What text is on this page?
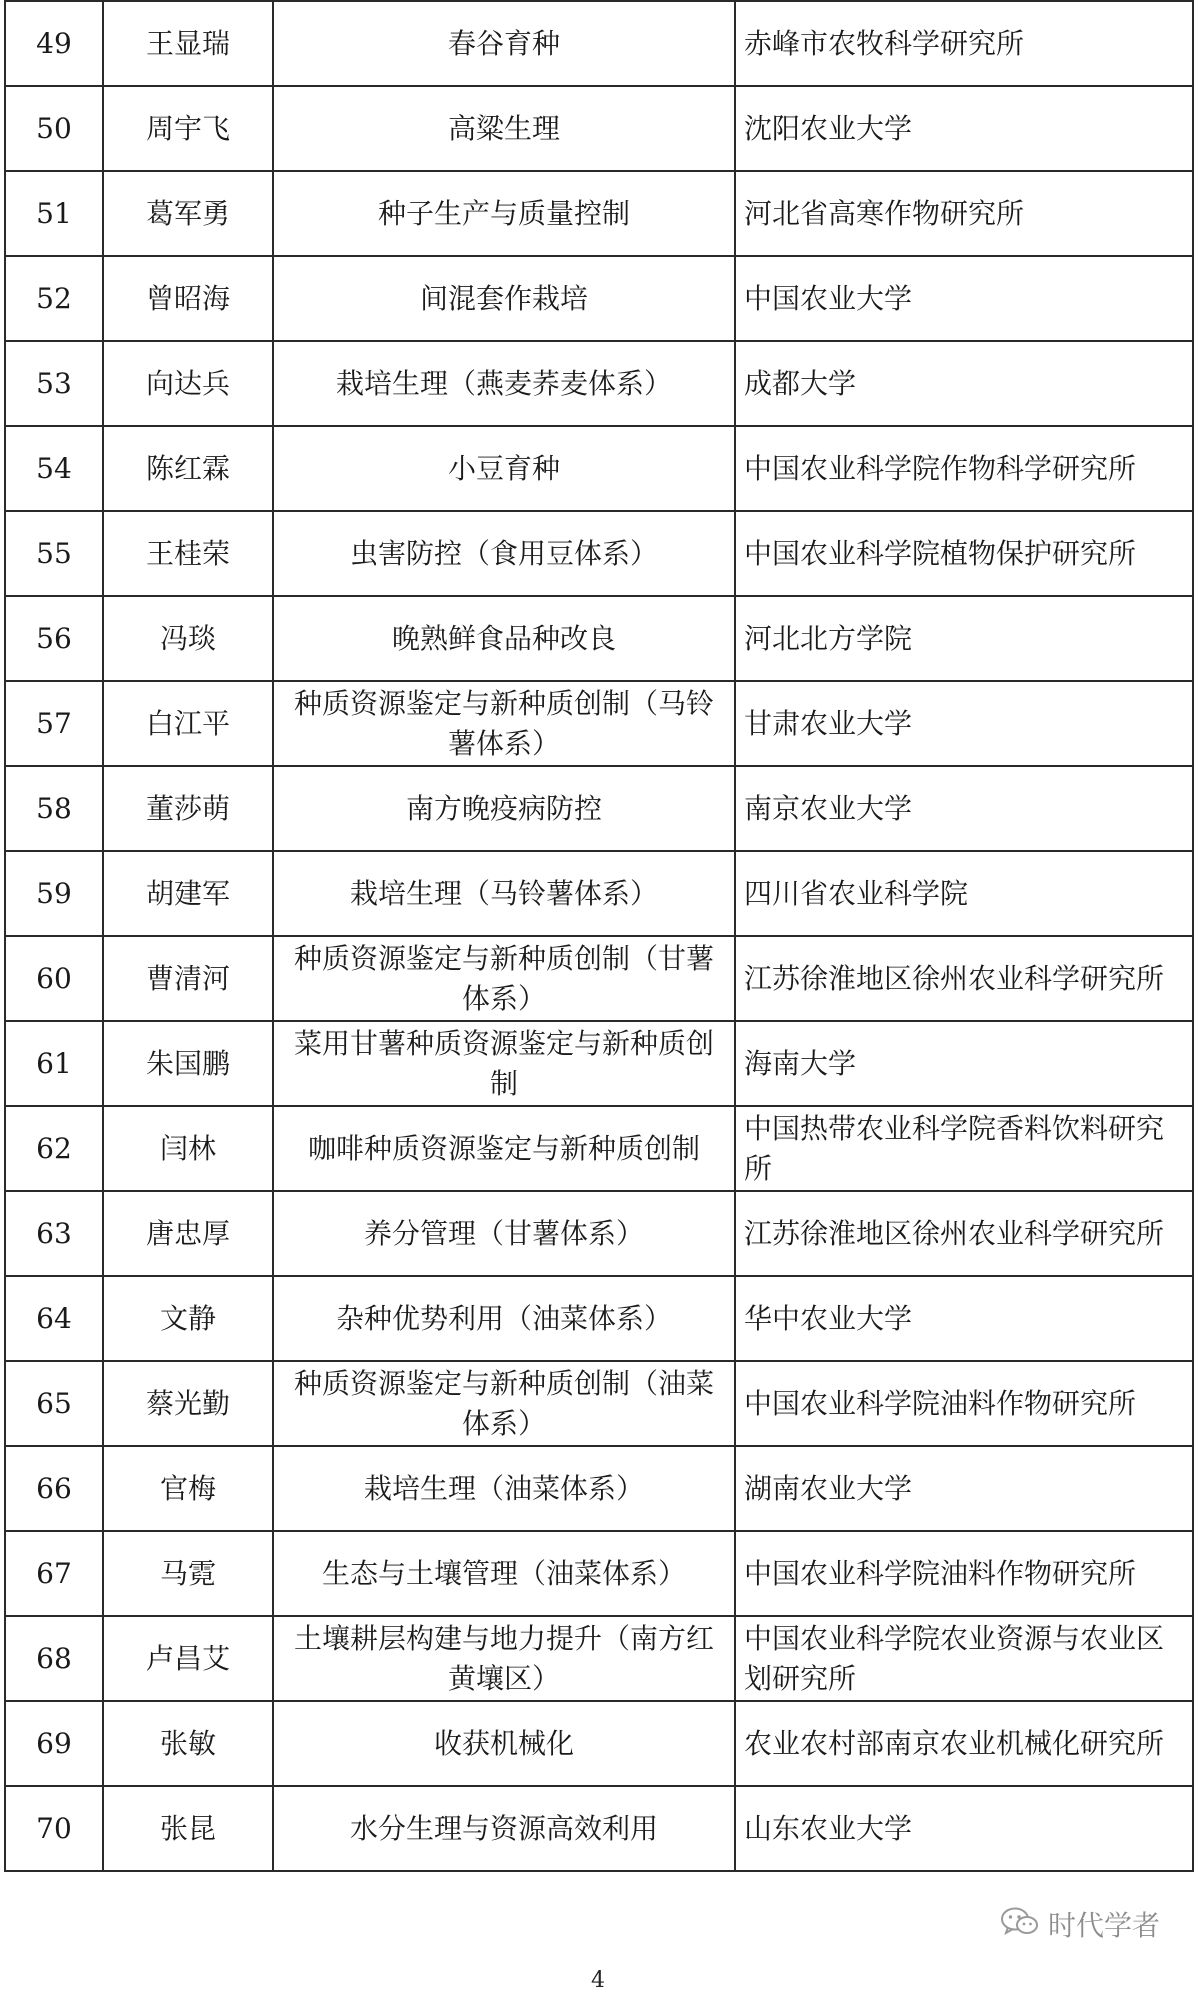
49	王显瑞	春谷育种	赤峰市农牧科学研究所
50	周宇飞	高粱生理	沈阳农业大学
51	葛军勇	种子生产与质量控制	河北省高寒作物研究所
52	曾昭海	间混套作栽培	中国农业大学
53	向达兵	栽培生理（燕麦荞麦体系）	成都大学
54	陈红霖	小豆育种	中国农业科学院作物科学研究所
55	王桂荣	虫害防控（食用豆体系）	中国农业科学院植物保护研究所
56	冯琰	晚熟鲜食品种改良	河北北方学院
57	白江平	种质资源鉴定与新种质创制（马铃薯体系）	甘肃农业大学
58	董莎萌	南方晚疫病防控	南京农业大学
59	胡建军	栽培生理（马铃薯体系）	四川省农业科学院
60	曹清河	种质资源鉴定与新种质创制（甘薯体系）	江苏徐淮地区徐州农业科学研究所
61	朱国鹏	菜用甘薯种质资源鉴定与新种质创制	海南大学
62	闫林	咖啡种质资源鉴定与新种质创制	中国热带农业科学院香料饮料研究所
63	唐忠厚	养分管理（甘薯体系）	江苏徐淮地区徐州农业科学研究所
64	文静	杂种优势利用（油菜体系）	华中农业大学
65	蔡光勤	种质资源鉴定与新种质创制（油菜体系）	中国农业科学院油料作物研究所
66	官梅	栽培生理（油菜体系）	湖南农业大学
67	马霓	生态与土壤管理（油菜体系）	中国农业科学院油料作物研究所
68	卢昌艾	土壤耕层构建与地力提升（南方红黄壤区）	中国农业科学院农业资源与农业区划研究所
69	张敏	收获机械化	农业农村部南京农业机械化研究所
70	张昆	水分生理与资源高效利用	山东农业大学
4
时代学者
